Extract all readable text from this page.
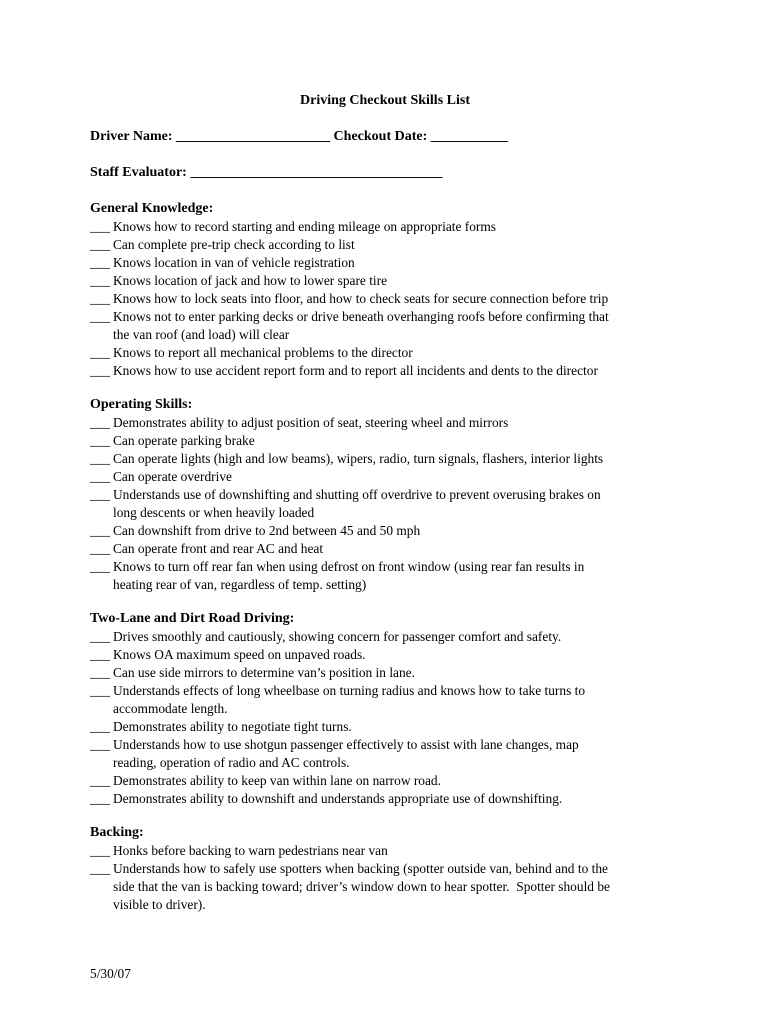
Driving Checkout Skills List
Driver Name: ______________________ Checkout Date: ___________
Staff Evaluator: ____________________________________
General Knowledge:
___ Knows how to record starting and ending mileage on appropriate forms
___ Can complete pre-trip check according to list
___ Knows location in van of vehicle registration
___ Knows location of jack and how to lower spare tire
___ Knows how to lock seats into floor, and how to check seats for secure connection before trip
___ Knows not to enter parking decks or drive beneath overhanging roofs before confirming that
the van roof (and load) will clear
___ Knows to report all mechanical problems to the director
___ Knows how to use accident report form and to report all incidents and dents to the director
Operating Skills:
___ Demonstrates ability to adjust position of seat, steering wheel and mirrors
___ Can operate parking brake
___ Can operate lights (high and low beams), wipers, radio, turn signals, flashers, interior lights
___ Can operate overdrive
___ Understands use of downshifting and shutting off overdrive to prevent overusing brakes on
long descents or when heavily loaded
___ Can downshift from drive to 2nd between 45 and 50 mph
___ Can operate front and rear AC and heat
___ Knows to turn off rear fan when using defrost on front window (using rear fan results in
heating rear of van, regardless of temp. setting)
Two-Lane and Dirt Road Driving:
___ Drives smoothly and cautiously, showing concern for passenger comfort and safety.
___ Knows OA maximum speed on unpaved roads.
___ Can use side mirrors to determine van’s position in lane.
___ Understands effects of long wheelbase on turning radius and knows how to take turns to
accommodate length.
___ Demonstrates ability to negotiate tight turns.
___ Understands how to use shotgun passenger effectively to assist with lane changes, map
reading, operation of radio and AC controls.
___ Demonstrates ability to keep van within lane on narrow road.
___ Demonstrates ability to downshift and understands appropriate use of downshifting.
Backing:
___ Honks before backing to warn pedestrians near van
___ Understands how to safely use spotters when backing (spotter outside van, behind and to the
side that the van is backing toward; driver’s window down to hear spotter.  Spotter should be
visible to driver).
5/30/07
